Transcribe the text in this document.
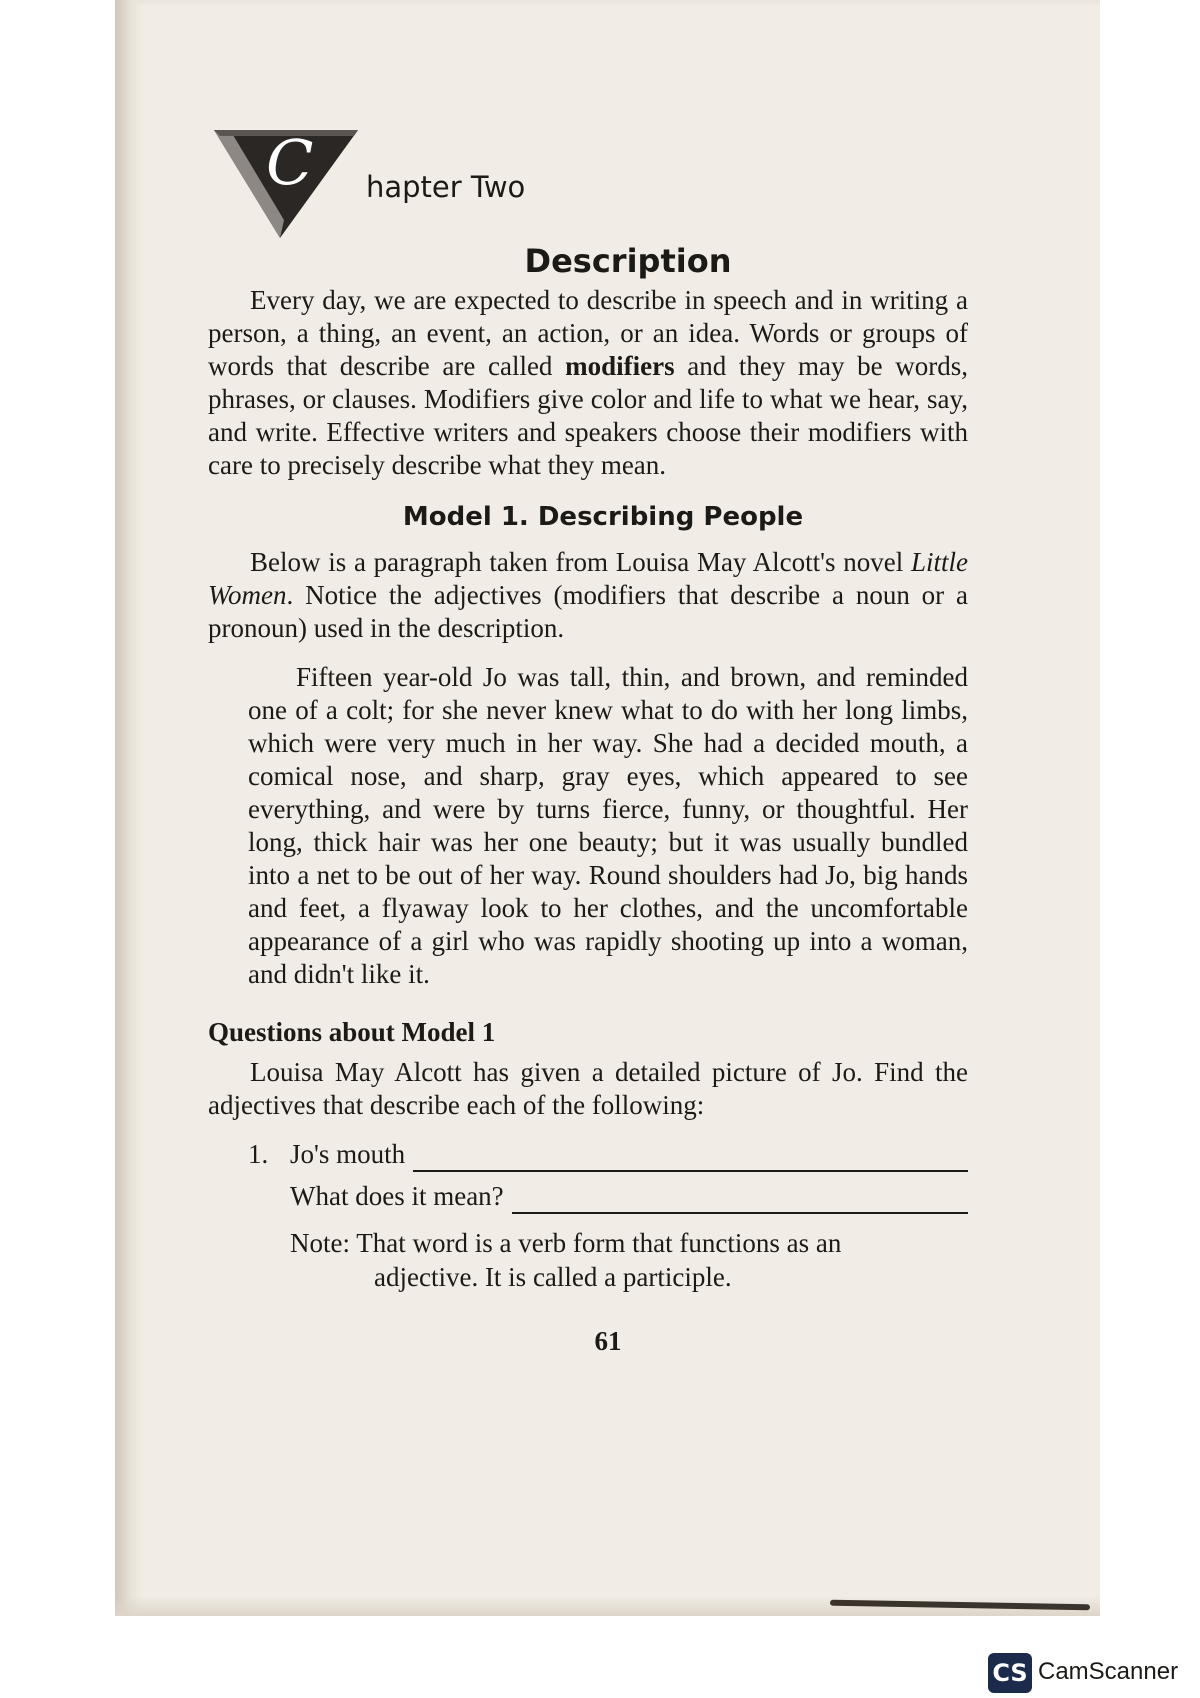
C hapter Two
Description

Every day, we are expected to describe in speech and in writing a person, a thing, an event, an action, or an idea. Words or groups of words that describe are called modifiers and they may be words, phrases, or clauses. Modifiers give color and life to what we hear, say, and write. Effective writers and speakers choose their modifiers with care to precisely describe what they mean.

Model 1. Describing People

Below is a paragraph taken from Louisa May Alcott's novel Little Women. Notice the adjectives (modifiers that describe a noun or a pronoun) used in the description.

Fifteen year-old Jo was tall, thin, and brown, and reminded one of a colt; for she never knew what to do with her long limbs, which were very much in her way. She had a decided mouth, a comical nose, and sharp, gray eyes, which appeared to see everything, and were by turns fierce, funny, or thoughtful. Her long, thick hair was her one beauty; but it was usually bundled into a net to be out of her way. Round shoulders had Jo, big hands and feet, a flyaway look to her clothes, and the uncomfortable appearance of a girl who was rapidly shooting up into a woman, and didn't like it.

Questions about Model 1

Louisa May Alcott has given a detailed picture of Jo. Find the adjectives that describe each of the following:

1. Jo's mouth
What does it mean?

Note: That word is a verb form that functions as an
adjective. It is called a participle.

61
CS CamScanner
